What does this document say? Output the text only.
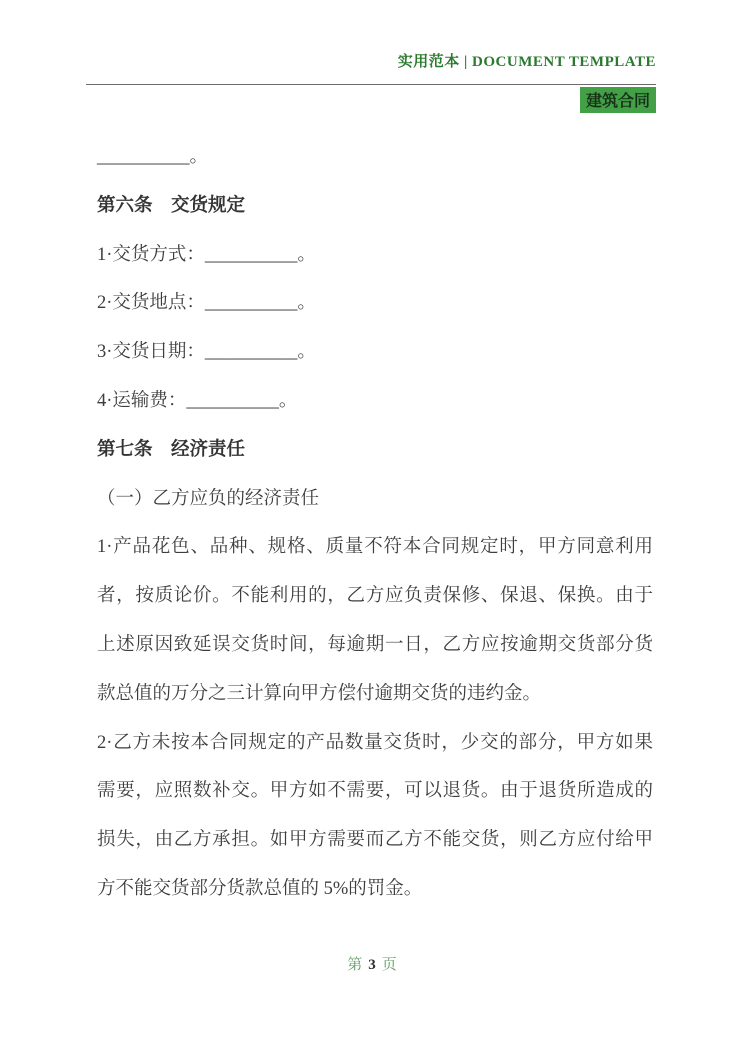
实用范本 | DOCUMENT TEMPLATE
建筑合同
__________。
第六条　交货规定
1·交货方式：__________。
2·交货地点：__________。
3·交货日期：__________。
4·运输费：__________。
第七条　经济责任
（一）乙方应负的经济责任
1·产品花色、品种、规格、质量不符本合同规定时，甲方同意利用
者，按质论价。不能利用的，乙方应负责保修、保退、保换。由于
上述原因致延误交货时间，每逾期一日，乙方应按逾期交货部分货
款总值的万分之三计算向甲方偿付逾期交货的违约金。
2·乙方未按本合同规定的产品数量交货时，少交的部分，甲方如果
需要，应照数补交。甲方如不需要，可以退货。由于退货所造成的
损失，由乙方承担。如甲方需要而乙方不能交货，则乙方应付给甲
方不能交货部分货款总值的 5%的罚金。
第 3 页
